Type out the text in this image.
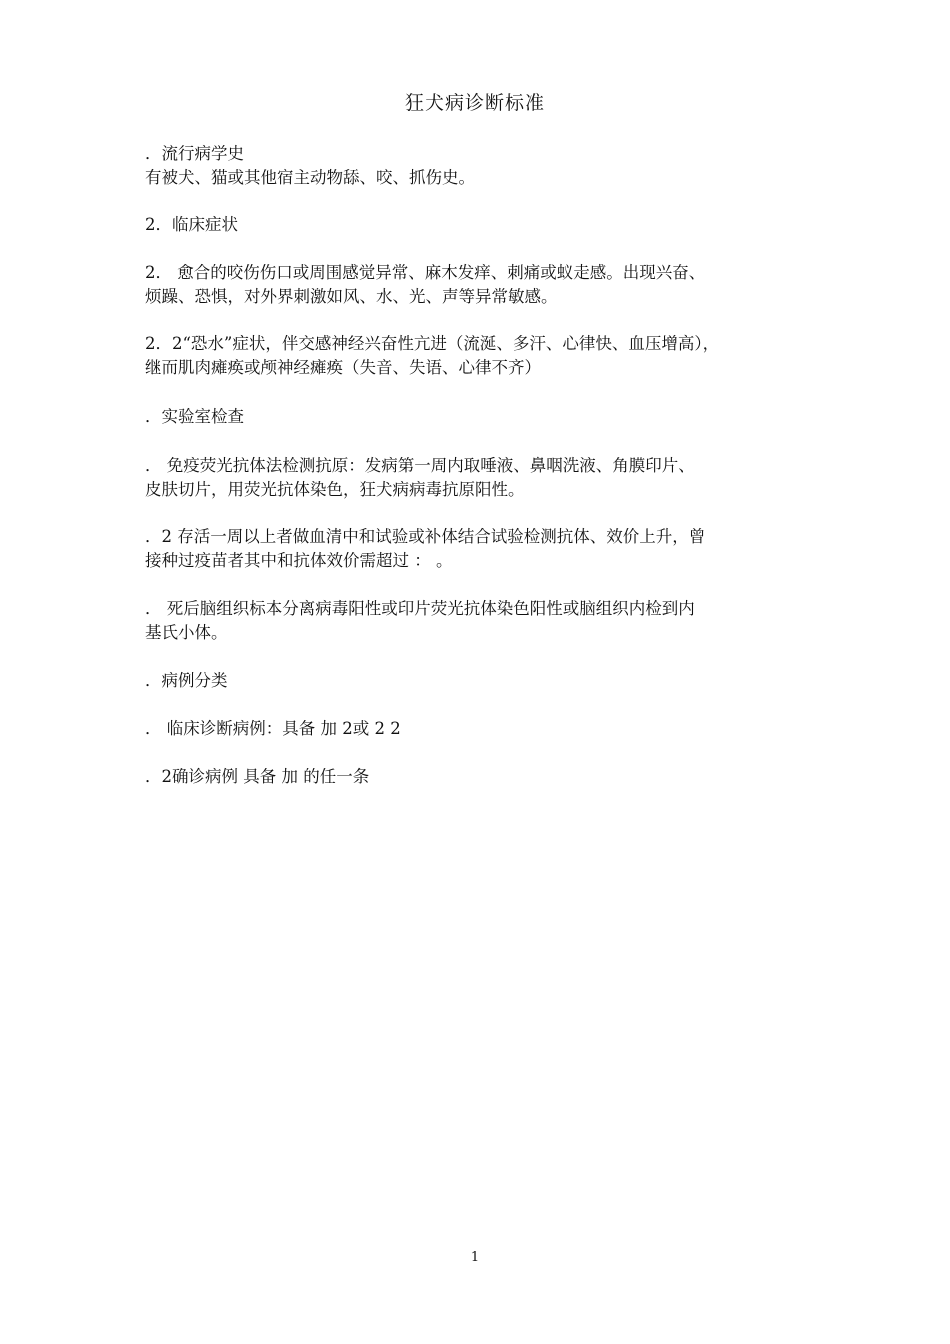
狂犬病诊断标准
．流行病学史
有被犬、猫或其他宿主动物舔、咬、抓伤史。
2．临床症状
2． 愈合的咬伤伤口或周围感觉异常、麻木发痒、刺痛或蚁走感。出现兴奋、
烦躁、恐惧，对外界刺激如风、水、光、声等异常敏感。
2．2“恐水”症状，伴交感神经兴奋性亢进（流涎、多汗、心律快、血压增高），
继而肌肉瘫痪或颅神经瘫痪（失音、失语、心律不齐）
．实验室检查
． 免疫荧光抗体法检测抗原：发病第一周内取唾液、鼻咽洗液、角膜印片、
皮肤切片，用荧光抗体染色，狂犬病病毒抗原阳性。
．2 存活一周以上者做血清中和试验或补体结合试验检测抗体、效价上升，曾
接种过疫苗者其中和抗体效价需超过 ： 。
． 死后脑组织标本分离病毒阳性或印片荧光抗体染色阳性或脑组织内检到内
基氏小体。
．病例分类
． 临床诊断病例：具备 加 2或 2 2
．2确诊病例 具备 加 的任一条
1
